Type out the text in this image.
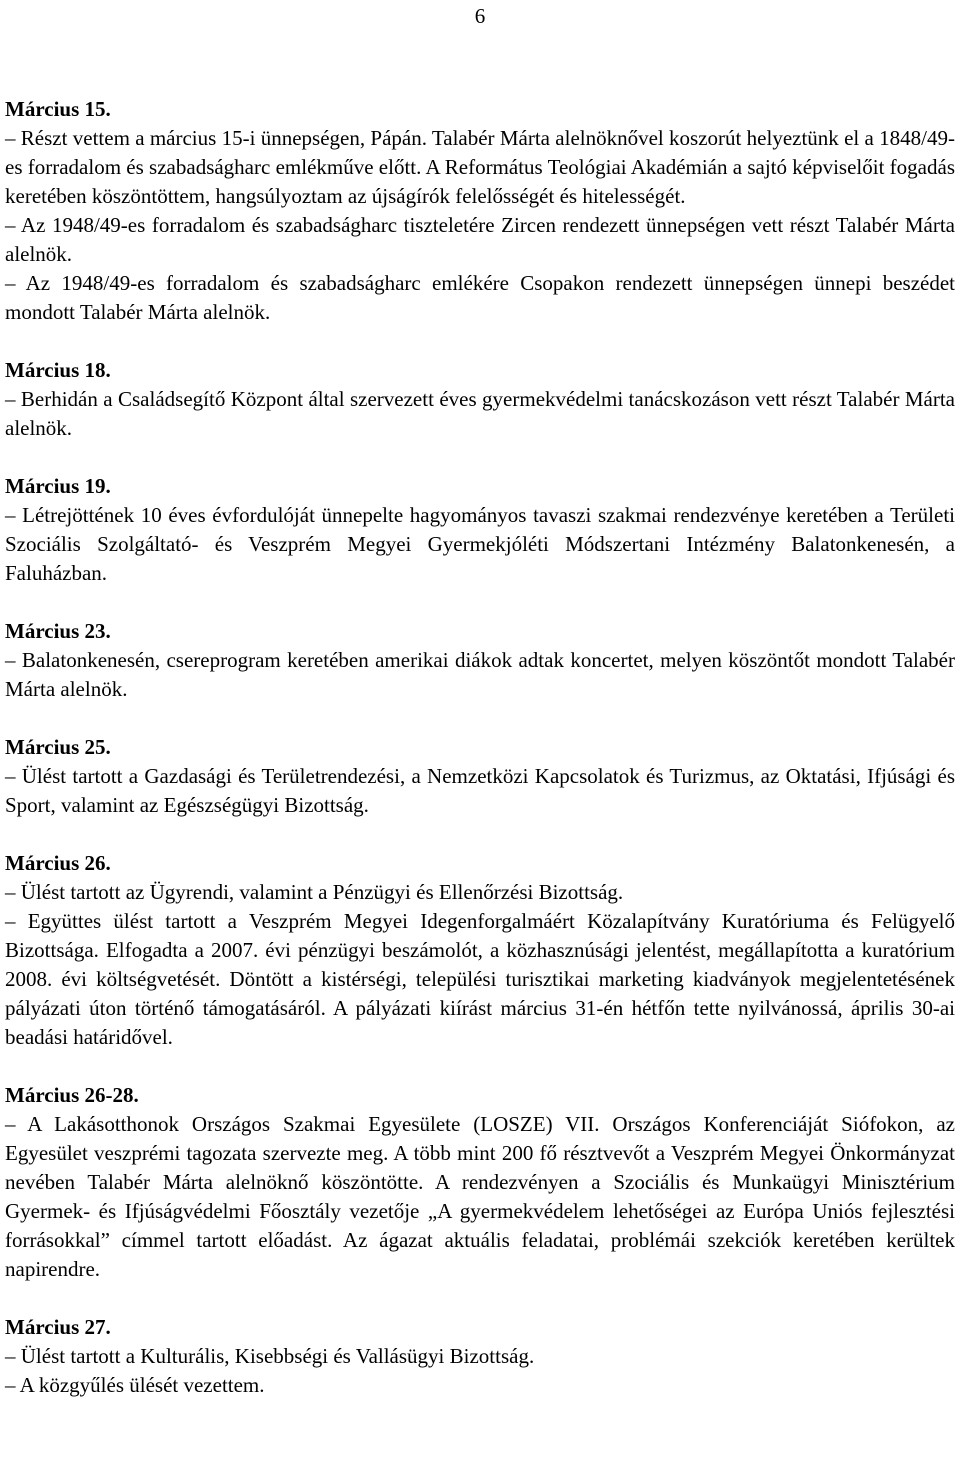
6
Március 15.
– Részt vettem a március 15-i ünnepségen, Pápán. Talabér Márta alelnöknővel koszorút helyeztünk el a 1848/49-es forradalom és szabadságharc emlékműve előtt. A Református Teológiai Akadémián a sajtó képviselőit fogadás keretében köszöntöttem, hangsúlyoztam az újságírók felelősségét és hitelességét.
– Az 1948/49-es forradalom és szabadságharc tiszteletére Zircen rendezett ünnepségen vett részt Talabér Márta alelnök.
– Az 1948/49-es forradalom és szabadságharc emlékére Csopakon rendezett ünnepségen ünnepi beszédet mondott Talabér Márta alelnök.
Március 18.
– Berhidán a Családsegítő Központ által szervezett éves gyermekvédelmi tanácskozáson vett részt Talabér Márta alelnök.
Március 19.
– Létrejöttének 10 éves évfordulóját ünnepelte hagyományos tavaszi szakmai rendezvénye keretében a Területi Szociális Szolgáltató- és Veszprém Megyei Gyermekjóléti Módszertani Intézmény Balatonkenesén, a Faluházban.
Március 23.
– Balatonkenesén, csereprogram keretében amerikai diákok adtak koncertet, melyen köszöntőt mondott Talabér Márta alelnök.
Március 25.
– Ülést tartott a Gazdasági és Területrendezési, a Nemzetközi Kapcsolatok és Turizmus, az Oktatási, Ifjúsági és Sport, valamint az Egészségügyi Bizottság.
Március 26.
– Ülést tartott az Ügyrendi, valamint a Pénzügyi és Ellenőrzési Bizottság.
– Együttes ülést tartott a Veszprém Megyei Idegenforgalmáért Közalapítvány Kuratóriuma és Felügyelő Bizottsága. Elfogadta a 2007. évi pénzügyi beszámolót, a közhasznúsági jelentést, megállapította a kuratórium 2008. évi költségvetését. Döntött a kistérségi, települési turisztikai marketing kiadványok megjelentetésének pályázati úton történő támogatásáról. A pályázati kiírást március 31-én hétfőn tette nyilvánossá, április 30-ai beadási határidővel.
Március 26-28.
– A Lakásotthonok Országos Szakmai Egyesülete (LOSZE) VII. Országos Konferenciáját Siófokon, az Egyesület veszprémi tagozata szervezte meg. A több mint 200 fő résztvevőt a Veszprém Megyei Önkormányzat nevében Talabér Márta alelnöknő köszöntötte. A rendezvényen a Szociális és Munkaügyi Minisztérium Gyermek- és Ifjúságvédelmi Főosztály vezetője „A gyermekvédelem lehetőségei az Európa Uniós fejlesztési forrásokkal” címmel tartott előadást. Az ágazat aktuális feladatai, problémái szekciók keretében kerültek napirendre.
Március 27.
– Ülést tartott a Kulturális, Kisebbségi és Vallásügyi Bizottság.
– A közgyűlés ülését vezettem.
